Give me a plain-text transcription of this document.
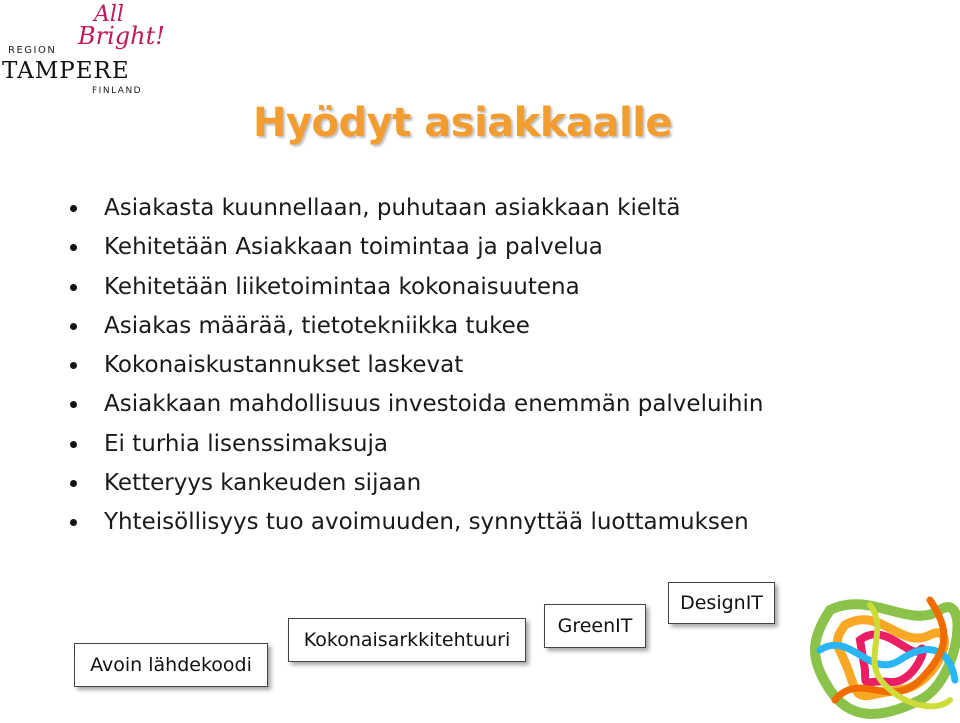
All
Bright!
REGION
TAMPERE
FINLAND
Hyödyt asiakkaalle
Asiakasta kuunnellaan, puhutaan asiakkaan kieltä
Kehitetään Asiakkaan toimintaa ja palvelua
Kehitetään liiketoimintaa kokonaisuutena
Asiakas määrää, tietotekniikka tukee
Kokonaiskustannukset laskevat
Asiakkaan mahdollisuus investoida enemmän palveluihin
Ei turhia lisenssimaksuja
Ketteryys kankeuden sijaan
Yhteisöllisyys tuo avoimuuden, synnyttää luottamuksen
Avoin lähdekoodi
Kokonaisarkkitehtuuri
GreenIT
DesignIT
